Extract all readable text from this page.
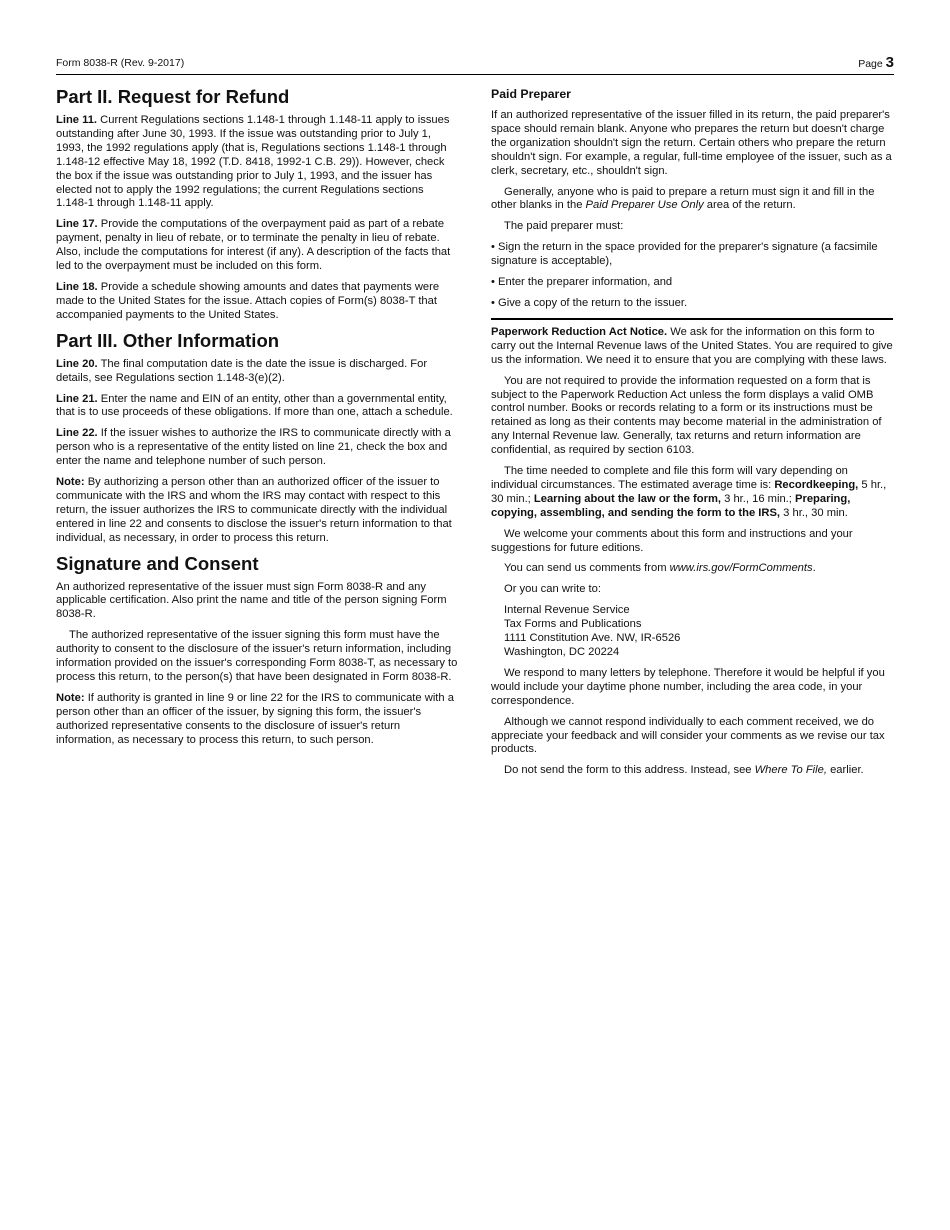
Form 8038-R (Rev. 9-2017)	Page 3
Part II. Request for Refund

Line 11. Current Regulations sections 1.148-1 through 1.148-11 apply to issues outstanding after June 30, 1993. If the issue was outstanding prior to July 1, 1993, the 1992 regulations apply (that is, Regulations sections 1.148-1 through 1.148-12 effective May 18, 1992 (T.D. 8418, 1992-1 C.B. 29)). However, check the box if the issue was outstanding prior to July 1, 1993, and the issuer has elected not to apply the 1992 regulations; the current Regulations sections 1.148-1 through 1.148-11 apply.

Line 17. Provide the computations of the overpayment paid as part of a rebate payment, penalty in lieu of rebate, or to terminate the penalty in lieu of rebate. Also, include the computations for interest (if any). A description of the facts that led to the overpayment must be included on this form.

Line 18. Provide a schedule showing amounts and dates that payments were made to the United States for the issue. Attach copies of Form(s) 8038-T that accompanied payments to the United States.

Part III. Other Information

Line 20. The final computation date is the date the issue is discharged. For details, see Regulations section 1.148-3(e)(2).

Line 21. Enter the name and EIN of an entity, other than a governmental entity, that is to use proceeds of these obligations. If more than one, attach a schedule.

Line 22. If the issuer wishes to authorize the IRS to communicate directly with a person who is a representative of the entity listed on line 21, check the box and enter the name and telephone number of such person.

Note: By authorizing a person other than an authorized officer of the issuer to communicate with the IRS and whom the IRS may contact with respect to this return, the issuer authorizes the IRS to communicate directly with the individual entered in line 22 and consents to disclose the issuer's return information to that individual, as necessary, in order to process this return.

Signature and Consent

An authorized representative of the issuer must sign Form 8038-R and any applicable certification. Also print the name and title of the person signing Form 8038-R.

The authorized representative of the issuer signing this form must have the authority to consent to the disclosure of the issuer's return information, including information provided on the issuer's corresponding Form 8038-T, as necessary to process this return, to the person(s) that have been designated in Form 8038-R.

Note: If authority is granted in line 9 or line 22 for the IRS to communicate with a person other than an officer of the issuer, by signing this form, the issuer's authorized representative consents to the disclosure of issuer's return information, as necessary to process this return, to such person.

Paid Preparer

If an authorized representative of the issuer filled in its return, the paid preparer's space should remain blank. Anyone who prepares the return but doesn't charge the organization shouldn't sign the return. Certain others who prepare the return shouldn't sign. For example, a regular, full-time employee of the issuer, such as a clerk, secretary, etc., shouldn't sign.

Generally, anyone who is paid to prepare a return must sign it and fill in the other blanks in the Paid Preparer Use Only area of the return.

The paid preparer must:

• Sign the return in the space provided for the preparer's signature (a facsimile signature is acceptable),

• Enter the preparer information, and

• Give a copy of the return to the issuer.

Paperwork Reduction Act Notice. We ask for the information on this form to carry out the Internal Revenue laws of the United States. You are required to give us the information. We need it to ensure that you are complying with these laws.

You are not required to provide the information requested on a form that is subject to the Paperwork Reduction Act unless the form displays a valid OMB control number. Books or records relating to a form or its instructions must be retained as long as their contents may become material in the administration of any Internal Revenue law. Generally, tax returns and return information are confidential, as required by section 6103.

The time needed to complete and file this form will vary depending on individual circumstances. The estimated average time is: Recordkeeping, 5 hr., 30 min.; Learning about the law or the form, 3 hr., 16 min.; Preparing, copying, assembling, and sending the form to the IRS, 3 hr., 30 min.

We welcome your comments about this form and instructions and your suggestions for future editions.

You can send us comments from www.irs.gov/FormComments.

Or you can write to:

Internal Revenue Service
Tax Forms and Publications
1111 Constitution Ave. NW, IR-6526
Washington, DC 20224

We respond to many letters by telephone. Therefore it would be helpful if you would include your daytime phone number, including the area code, in your correspondence.

Although we cannot respond individually to each comment received, we do appreciate your feedback and will consider your comments as we revise our tax products.

Do not send the form to this address. Instead, see Where To File, earlier.
